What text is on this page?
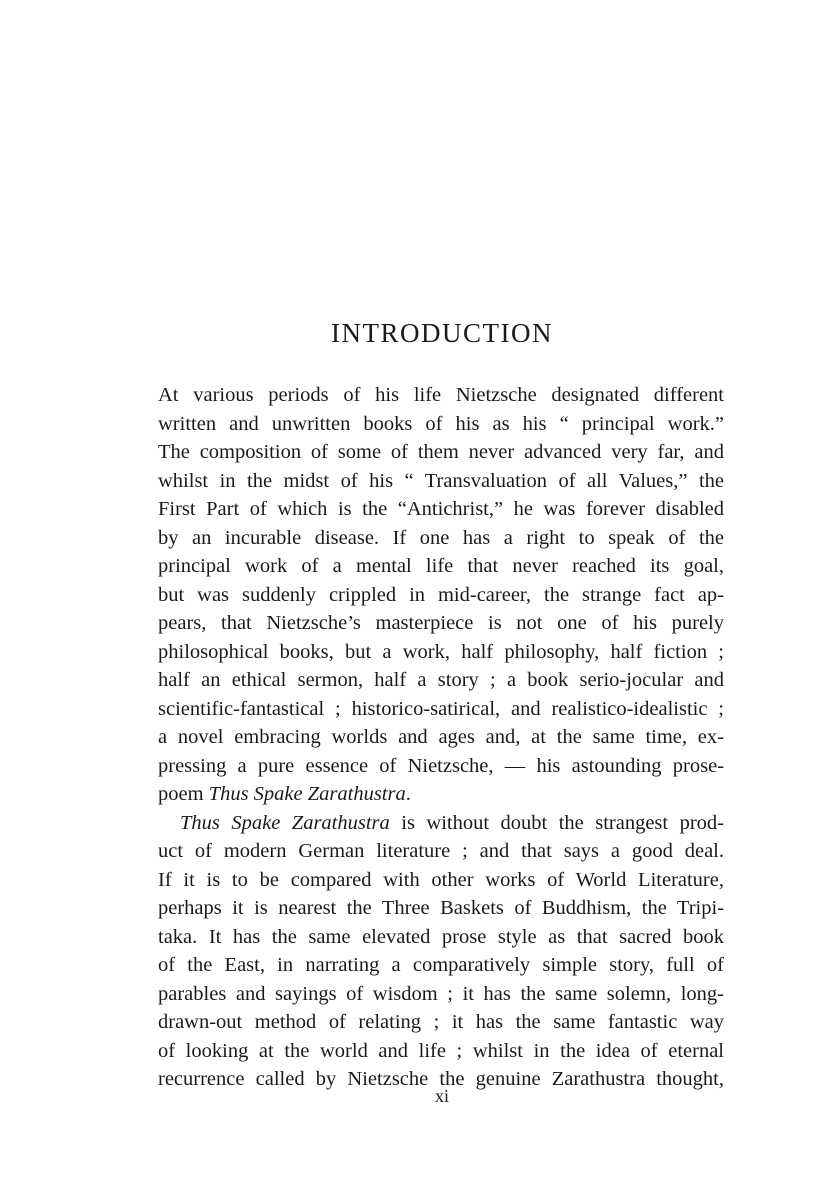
INTRODUCTION
At various periods of his life Nietzsche designated different
written and unwritten books of his as his “ principal work.”
The composition of some of them never advanced very far, and
whilst in the midst of his “ Transvaluation of all Values,” the
First Part of which is the “Antichrist,” he was forever disabled
by an incurable disease. If one has a right to speak of the
principal work of a mental life that never reached its goal,
but was suddenly crippled in mid-career, the strange fact ap-
pears, that Nietzsche’s masterpiece is not one of his purely
philosophical books, but a work, half philosophy, half fiction ;
half an ethical sermon, half a story ; a book serio-jocular and
scientific-fantastical ; historico-satirical, and realistico-idealistic ;
a novel embracing worlds and ages and, at the same time, ex-
pressing a pure essence of Nietzsche, — his astounding prose-
poem Thus Spake Zarathustra.
Thus Spake Zarathustra is without doubt the strangest prod-
uct of modern German literature ; and that says a good deal.
If it is to be compared with other works of World Literature,
perhaps it is nearest the Three Baskets of Buddhism, the Tripi-
taka. It has the same elevated prose style as that sacred book
of the East, in narrating a comparatively simple story, full of
parables and sayings of wisdom ; it has the same solemn, long-
drawn-out method of relating ; it has the same fantastic way
of looking at the world and life ; whilst in the idea of eternal
recurrence called by Nietzsche the genuine Zarathustra thought,
xi
